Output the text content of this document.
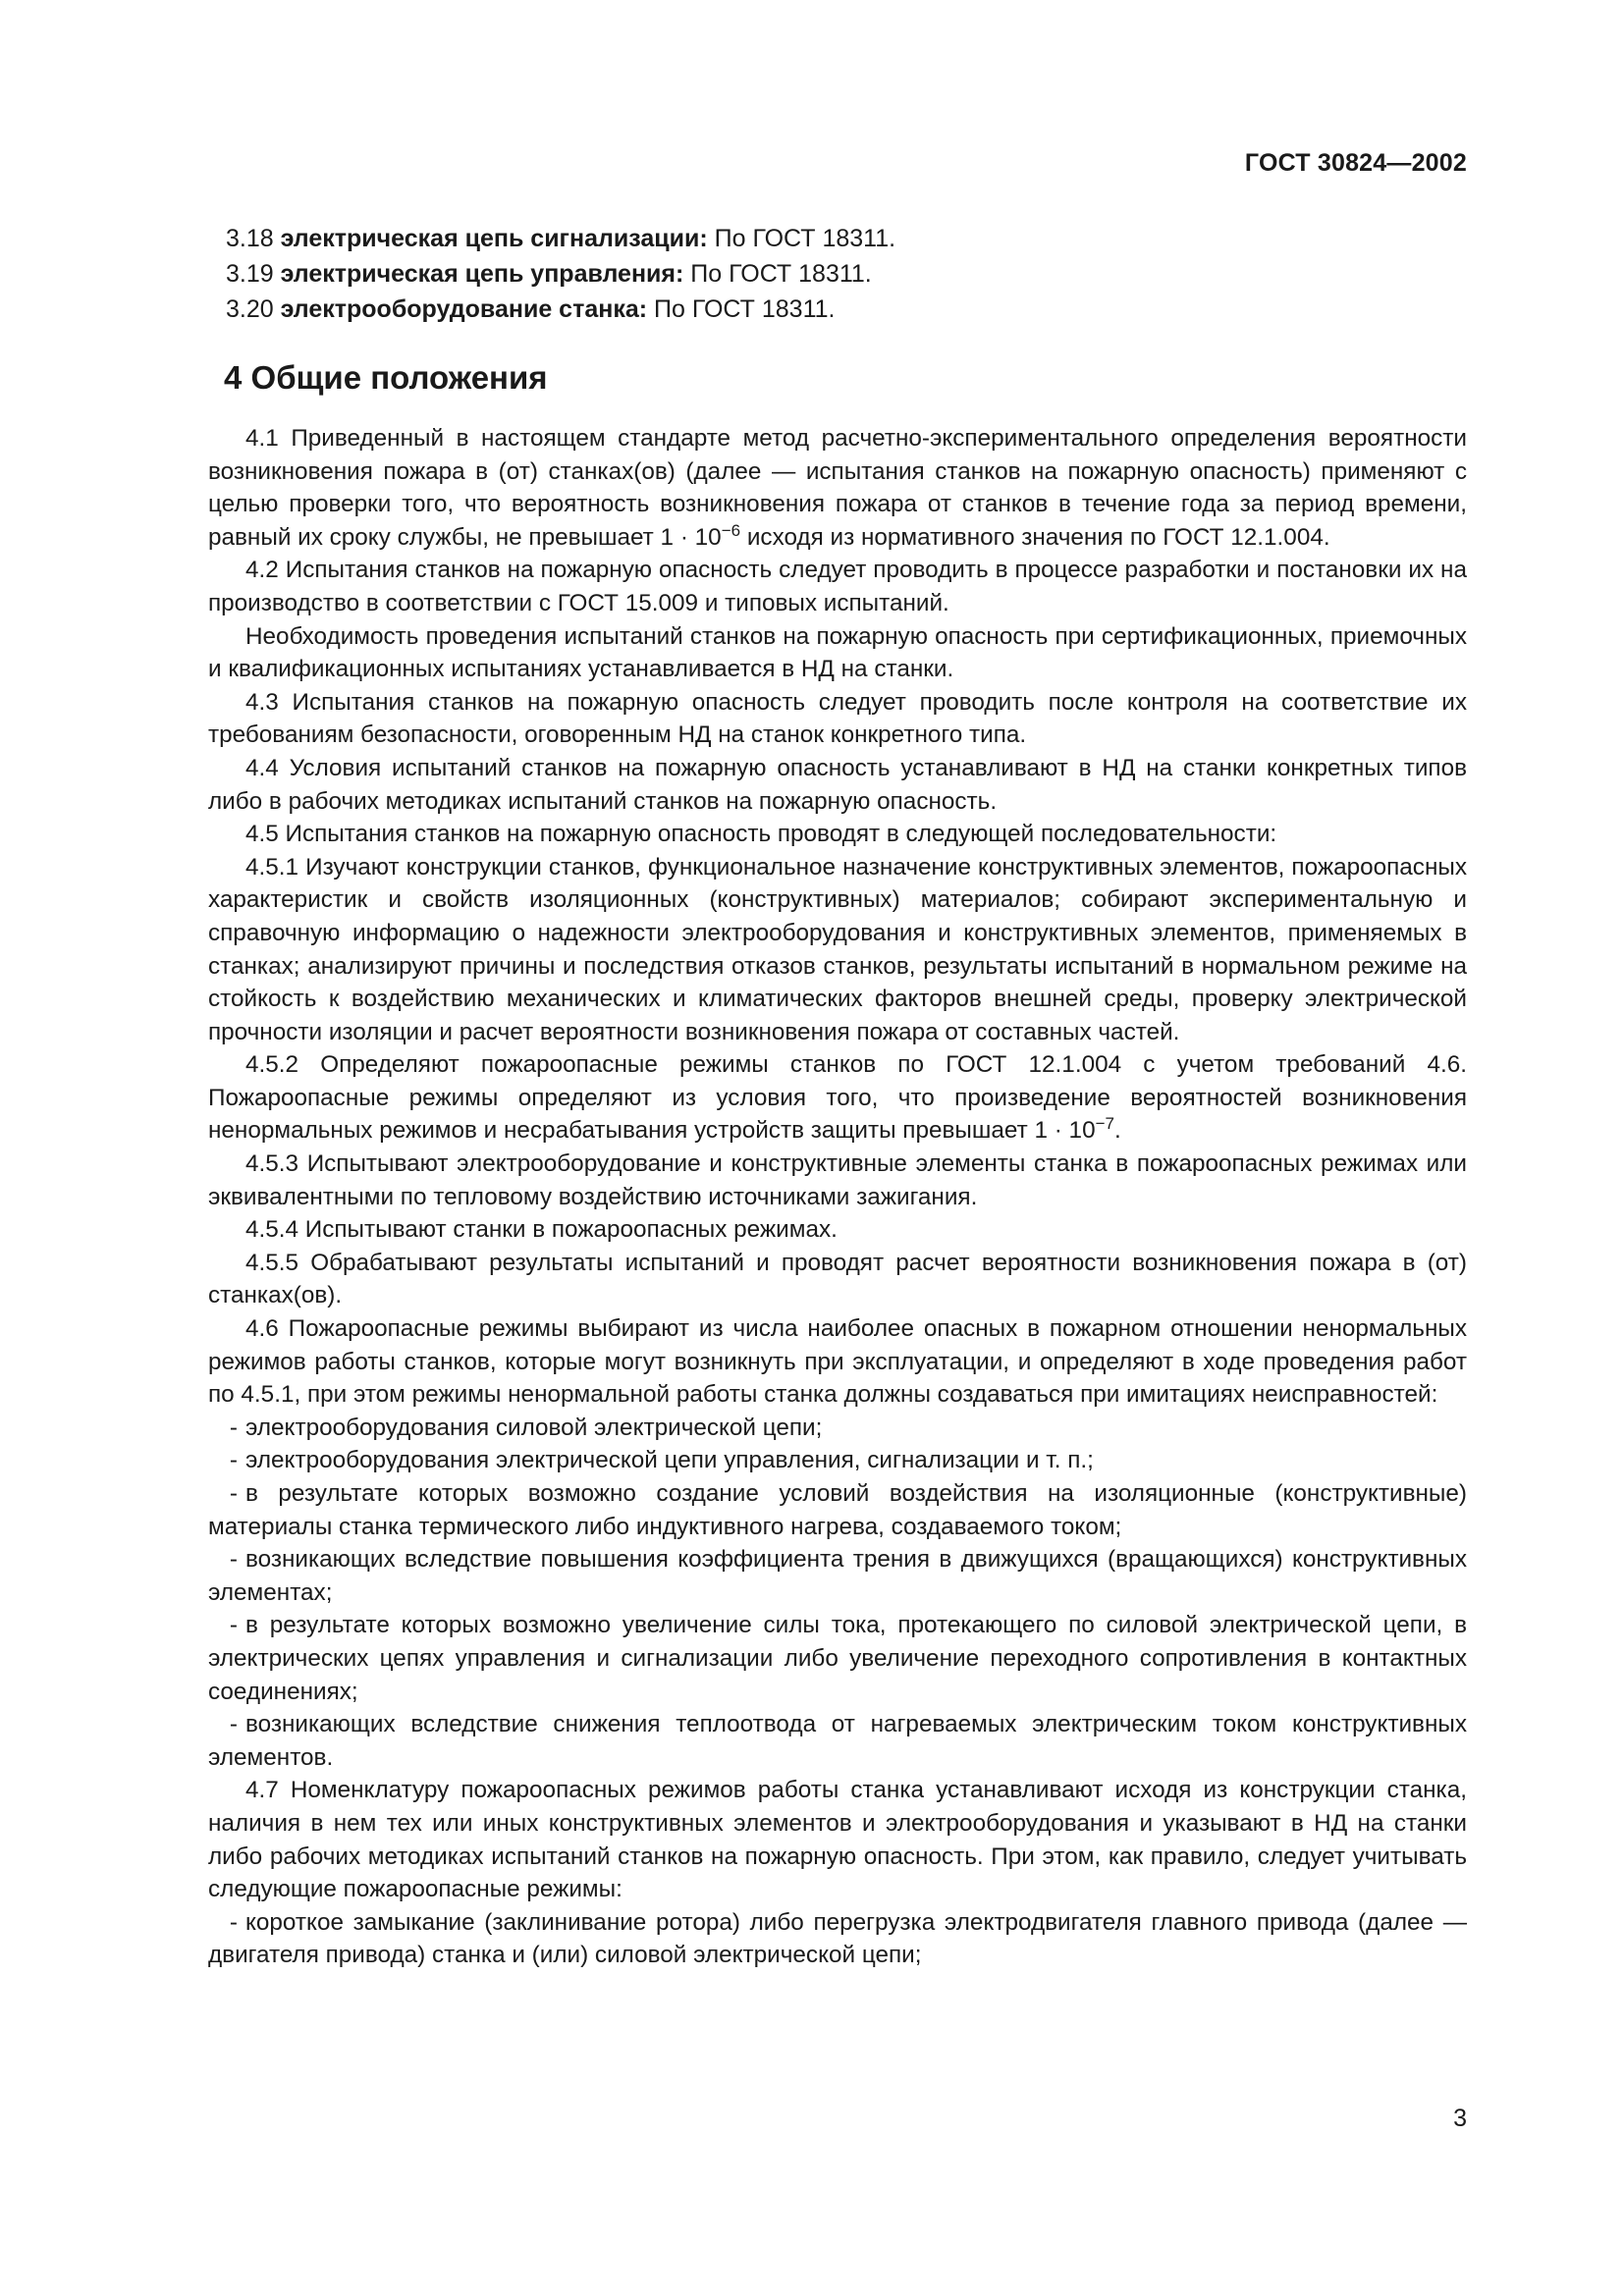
ГОСТ 30824—2002

3.18 электрическая цепь сигнализации: По ГОСТ 18311.

3.19 электрическая цепь управления: По ГОСТ 18311.

3.20 электрооборудование станка: По ГОСТ 18311.

4 Общие положения

4.1 Приведенный в настоящем стандарте метод расчетно-экспериментального определения вероятности возникновения пожара в (от) станках(ов) (далее — испытания станков на пожарную опасность) применяют с целью проверки того, что вероятность возникновения пожара от станков в течение года за период времени, равный их сроку службы, не превышает $1 \cdot 10^{-6}$ исходя из нормативного значения по ГОСТ 12.1.004.

4.2 Испытания станков на пожарную опасность следует проводить в процессе разработки и постановки их на производство в соответствии с ГОСТ 15.009 и типовых испытаний.

Необходимость проведения испытаний станков на пожарную опасность при сертификационных, приемочных и квалификационных испытаниях устанавливается в НД на станки.

4.3 Испытания станков на пожарную опасность следует проводить после контроля на соответствие их требованиям безопасности, оговоренным НД на станок конкретного типа.

4.4 Условия испытаний станков на пожарную опасность устанавливают в НД на станки конкретных типов либо в рабочих методиках испытаний станков на пожарную опасность.

4.5 Испытания станков на пожарную опасность проводят в следующей последовательности:

4.5.1 Изучают конструкции станков, функциональное назначение конструктивных элементов, пожароопасных характеристик и свойств изоляционных (конструктивных) материалов; собирают экспериментальную и справочную информацию о надежности электрооборудования и конструктивных элементов, применяемых в станках; анализируют причины и последствия отказов станков, результаты испытаний в нормальном режиме на стойкость к воздействию механических и климатических факторов внешней среды, проверку электрической прочности изоляции и расчет вероятности возникновения пожара от составных частей.

4.5.2 Определяют пожароопасные режимы станков по ГОСТ 12.1.004 с учетом требований 4.6. Пожароопасные режимы определяют из условия того, что произведение вероятностей возникновения ненормальных режимов и несрабатывания устройств защиты превышает $1 \cdot 10^{-7}$.

4.5.3 Испытывают электрооборудование и конструктивные элементы станка в пожароопасных режимах или эквивалентными по тепловому воздействию источниками зажигания.

4.5.4 Испытывают станки в пожароопасных режимах.

4.5.5 Обрабатывают результаты испытаний и проводят расчет вероятности возникновения пожара в (от) станках(ов).

4.6 Пожароопасные режимы выбирают из числа наиболее опасных в пожарном отношении ненормальных режимов работы станков, которые могут возникнуть при эксплуатации, и определяют в ходе проведения работ по 4.5.1, при этом режимы ненормальной работы станка должны создаваться при имитациях неисправностей:

- электрооборудования силовой электрической цепи;

- электрооборудования электрической цепи управления, сигнализации и т. п.;

- в результате которых возможно создание условий воздействия на изоляционные (конструктивные) материалы станка термического либо индуктивного нагрева, создаваемого током;

- возникающих вследствие повышения коэффициента трения в движущихся (вращающихся) конструктивных элементах;

- в результате которых возможно увеличение силы тока, протекающего по силовой электрической цепи, в электрических цепях управления и сигнализации либо увеличение переходного сопротивления в контактных соединениях;

- возникающих вследствие снижения теплоотвода от нагреваемых электрическим током конструктивных элементов.

4.7 Номенклатуру пожароопасных режимов работы станка устанавливают исходя из конструкции станка, наличия в нем тех или иных конструктивных элементов и электрооборудования и указывают в НД на станки либо рабочих методиках испытаний станков на пожарную опасность. При этом, как правило, следует учитывать следующие пожароопасные режимы:

- короткое замыкание (заклинивание ротора) либо перегрузка электродвигателя главного привода (далее — двигателя привода) станка и (или) силовой электрической цепи;

3
